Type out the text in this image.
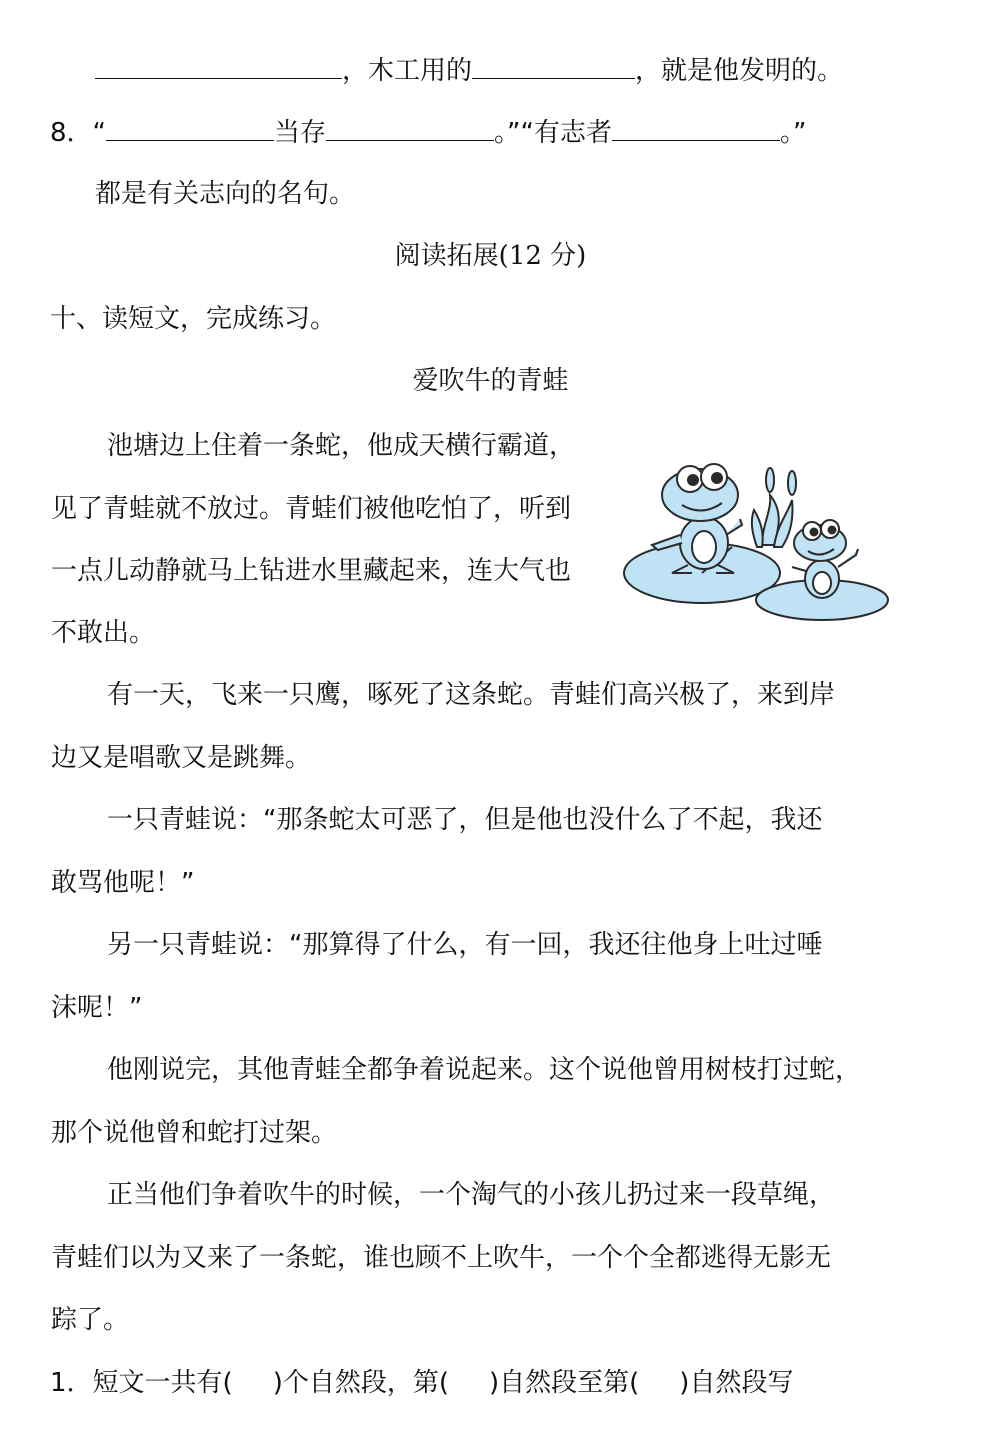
，木工用的	，就是他发明的。
8．“	当存	。”“有志者	。”
都是有关志向的名句。
阅读拓展(12 分)
十、读短文，完成练习。
爱吹牛的青蛙
池塘边上住着一条蛇，他成天横行霸道，
见了青蛙就不放过。青蛙们被他吃怕了，听到
一点儿动静就马上钻进水里藏起来，连大气也
不敢出。
有一天，飞来一只鹰，啄死了这条蛇。青蛙们高兴极了，来到岸
边又是唱歌又是跳舞。
一只青蛙说：“那条蛇太可恶了，但是他也没什么了不起，我还
敢骂他呢！”
另一只青蛙说：“那算得了什么，有一回，我还往他身上吐过唾
沫呢！”
他刚说完，其他青蛙全都争着说起来。这个说他曾用树枝打过蛇，
那个说他曾和蛇打过架。
正当他们争着吹牛的时候，一个淘气的小孩儿扔过来一段草绳，
青蛙们以为又来了一条蛇，谁也顾不上吹牛，一个个全都逃得无影无
踪了。
1．短文一共有( )个自然段，第( )自然段至第( )自然段写
